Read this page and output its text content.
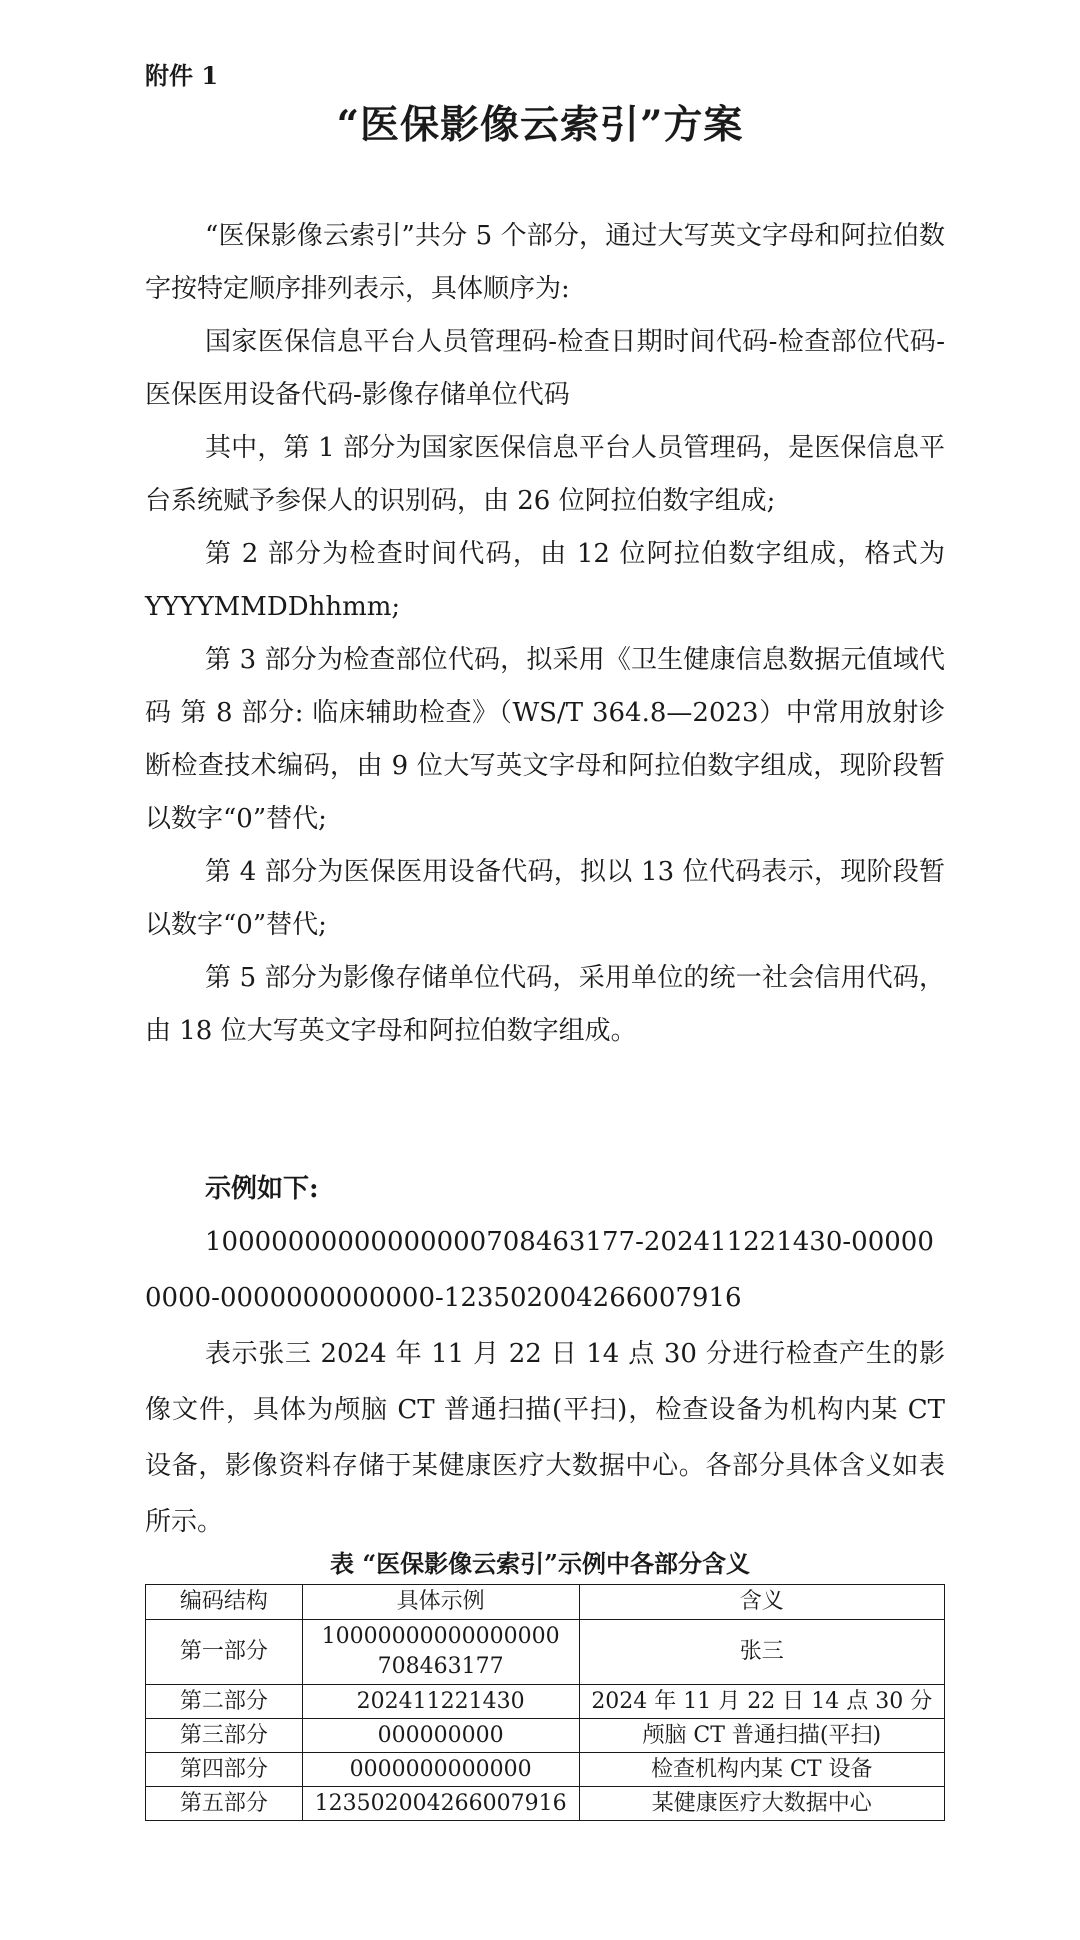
附件 1
“医保影像云索引”方案

“医保影像云索引”共分 5 个部分，通过大写英文字母和阿拉伯数字按特定顺序排列表示，具体顺序为:

国家医保信息平台人员管理码-检查日期时间代码-检查部位代码-医保医用设备代码-影像存储单位代码

其中，第 1 部分为国家医保信息平台人员管理码，是医保信息平台系统赋予参保人的识别码，由 26 位阿拉伯数字组成;

第 2 部分为检查时间代码，由 12 位阿拉伯数字组成，格式为 YYYYMMDDhhmm;

第 3 部分为检查部位代码，拟采用《卫生健康信息数据元值域代码 第 8 部分: 临床辅助检查》（WS/T 364.8—2023）中常用放射诊断检查技术编码，由 9 位大写英文字母和阿拉伯数字组成，现阶段暂以数字“0”替代;

第 4 部分为医保医用设备代码，拟以 13 位代码表示，现阶段暂以数字“0”替代;

第 5 部分为影像存储单位代码，采用单位的统一社会信用代码，由 18 位大写英文字母和阿拉伯数字组成。

示例如下:

10000000000000000708463177-202411221430-000000000-0000000000000-123502004266007916

表示张三 2024 年 11 月 22 日 14 点 30 分进行检查产生的影像文件，具体为颅脑 CT 普通扫描(平扫)，检查设备为机构内某 CT 设备，影像资料存储于某健康医疗大数据中心。各部分具体含义如表所示。

表 “医保影像云索引”示例中各部分含义
编码结构	具体示例	含义
第一部分	10000000000000000708463177	张三
第二部分	202411221430	2024 年 11 月 22 日 14 点 30 分
第三部分	000000000	颅脑 CT 普通扫描(平扫)
第四部分	0000000000000	检查机构内某 CT 设备
第五部分	123502004266007916	某健康医疗大数据中心
